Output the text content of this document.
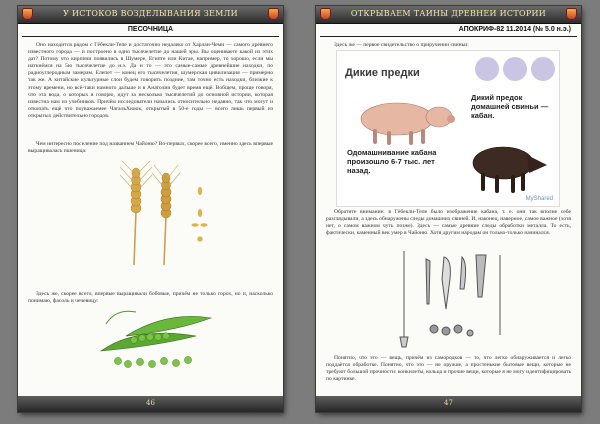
У ИСТОКОВ ВОЗДЕЛЫВАНИЯ ЗЕМЛИ
ПЕСОЧНИЦА
Оно находится рядом с Гёбекли-Тепе и достаточно недалеко от Харлан-Чеми — самого древнего известного города — и построено в одно тысячелетие до нашей эры. Вы оцениваете какой из этих дат? Потому что кирпичи появились в Шумере, Египте или Китае, например, то хорошо, если мы наткнёмся на 5ю тысячелетие до н.э. Да и то — это самые-самые древнейшие находки, по радиоуглеродным замерам. Елепет — конец его тысячелетия, шумерская цивилизация — примерно так же. А китайские культурные слои будем говорить поздние, там точно есть находки, близкие к этому времени, но всё-таки намного дальше и в Анатолии будет время ещё. Вобщем, проще говоря, что эта вода, о которых я говорю, идут за несколько тысячелетий до основной истории, которая известна нам из учебников. Причём исследователи начались относительно недавно, так что могут и откопать ещё что поуважаемее ЧатальХююк, открытый в 50-е годы — всего лишь первый из открытых действительно городов.
Чем интересно поселение под названием Чайоню? Во-первых, скорее всего, именно здесь впервые выращивалась пшеница:
Здесь же, скорее всего, впервые выращивали бобовые, причём не только горох, но и, насколько понимаю, фасоль и чечевицу:
46
ОТКРЫВАЕМ ТАЙНЫ ДРЕВНЕЙ ИСТОРИИ
АПОКРИФ-82 11.2014 (№ 5.0 н.э.)
Здесь же — первое свидетельство о приручении свиньи:
Дикие предки
Дикий предок домашней свиньи — кабан.
Одомашнивание кабана произошло 6-7 тыс. лет назад.
MyShared
Обратите внимание: в Гёбекли-Тепе было изображение кабана, т. е. они так вполне себе разглядывали, а здесь обнаружены следы домашних свиней. И, наконец, наверное, самое важное (хотя нет, о самом важном чуть позже). Здесь — самые древние следы обработки металла. То есть, фактически, каменный век умер в Чайоню. Хотя другим народам он только-только начинался.
Понятно, что это — вещь, причём из самородков — то, что легко обнаруживается и легко поддаётся обработке. Понятно, что это — не оружие, а простенькие бытовые вещи, которые не требуют большой прочности: конкилеты, кольца и прочие вещи, которые я не могу идентифицировать по картинке.
47
